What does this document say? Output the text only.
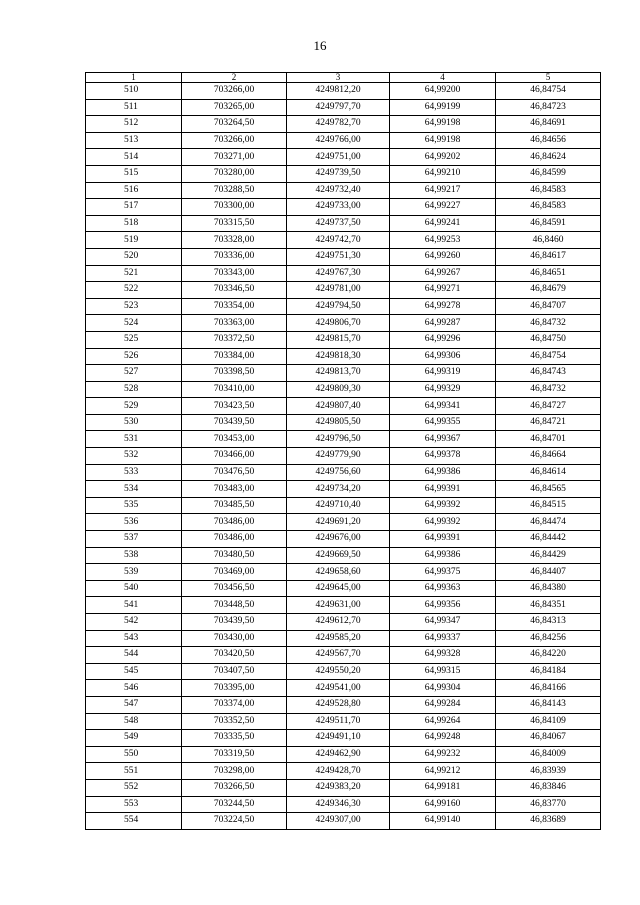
16
1	2	3	4	5
510	703266,00	4249812,20	64,99200	46,84754
511	703265,00	4249797,70	64,99199	46,84723
512	703264,50	4249782,70	64,99198	46,84691
513	703266,00	4249766,00	64,99198	46,84656
514	703271,00	4249751,00	64,99202	46,84624
515	703280,00	4249739,50	64,99210	46,84599
516	703288,50	4249732,40	64,99217	46,84583
517	703300,00	4249733,00	64,99227	46,84583
518	703315,50	4249737,50	64,99241	46,84591
519	703328,00	4249742,70	64,99253	46,8460
520	703336,00	4249751,30	64,99260	46,84617
521	703343,00	4249767,30	64,99267	46,84651
522	703346,50	4249781,00	64,99271	46,84679
523	703354,00	4249794,50	64,99278	46,84707
524	703363,00	4249806,70	64,99287	46,84732
525	703372,50	4249815,70	64,99296	46,84750
526	703384,00	4249818,30	64,99306	46,84754
527	703398,50	4249813,70	64,99319	46,84743
528	703410,00	4249809,30	64,99329	46,84732
529	703423,50	4249807,40	64,99341	46,84727
530	703439,50	4249805,50	64,99355	46,84721
531	703453,00	4249796,50	64,99367	46,84701
532	703466,00	4249779,90	64,99378	46,84664
533	703476,50	4249756,60	64,99386	46,84614
534	703483,00	4249734,20	64,99391	46,84565
535	703485,50	4249710,40	64,99392	46,84515
536	703486,00	4249691,20	64,99392	46,84474
537	703486,00	4249676,00	64,99391	46,84442
538	703480,50	4249669,50	64,99386	46,84429
539	703469,00	4249658,60	64,99375	46,84407
540	703456,50	4249645,00	64,99363	46,84380
541	703448,50	4249631,00	64,99356	46,84351
542	703439,50	4249612,70	64,99347	46,84313
543	703430,00	4249585,20	64,99337	46,84256
544	703420,50	4249567,70	64,99328	46,84220
545	703407,50	4249550,20	64,99315	46,84184
546	703395,00	4249541,00	64,99304	46,84166
547	703374,00	4249528,80	64,99284	46,84143
548	703352,50	4249511,70	64,99264	46,84109
549	703335,50	4249491,10	64,99248	46,84067
550	703319,50	4249462,90	64,99232	46,84009
551	703298,00	4249428,70	64,99212	46,83939
552	703266,50	4249383,20	64,99181	46,83846
553	703244,50	4249346,30	64,99160	46,83770
554	703224,50	4249307,00	64,99140	46,83689
